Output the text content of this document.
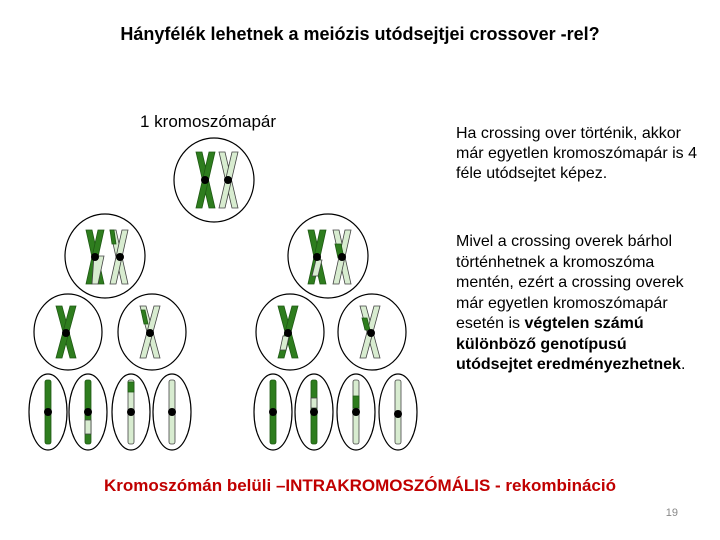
Hányfélék lehetnek a meiózis utódsejtjei crossover -rel?
1 kromoszómapár
Ha crossing over történik, akkor már egyetlen kromoszómapár is 4 féle utódsejtet képez.
Mivel a crossing overek bárhol történhetnek a kromoszóma mentén, ezért a crossing overek már egyetlen kromoszómapár esetén is végtelen számú különböző genotípusú utódsejtet eredményezhetnek.
Kromoszómán belüli –INTRAKROMOSZÓMÁLIS - rekombináció
19
